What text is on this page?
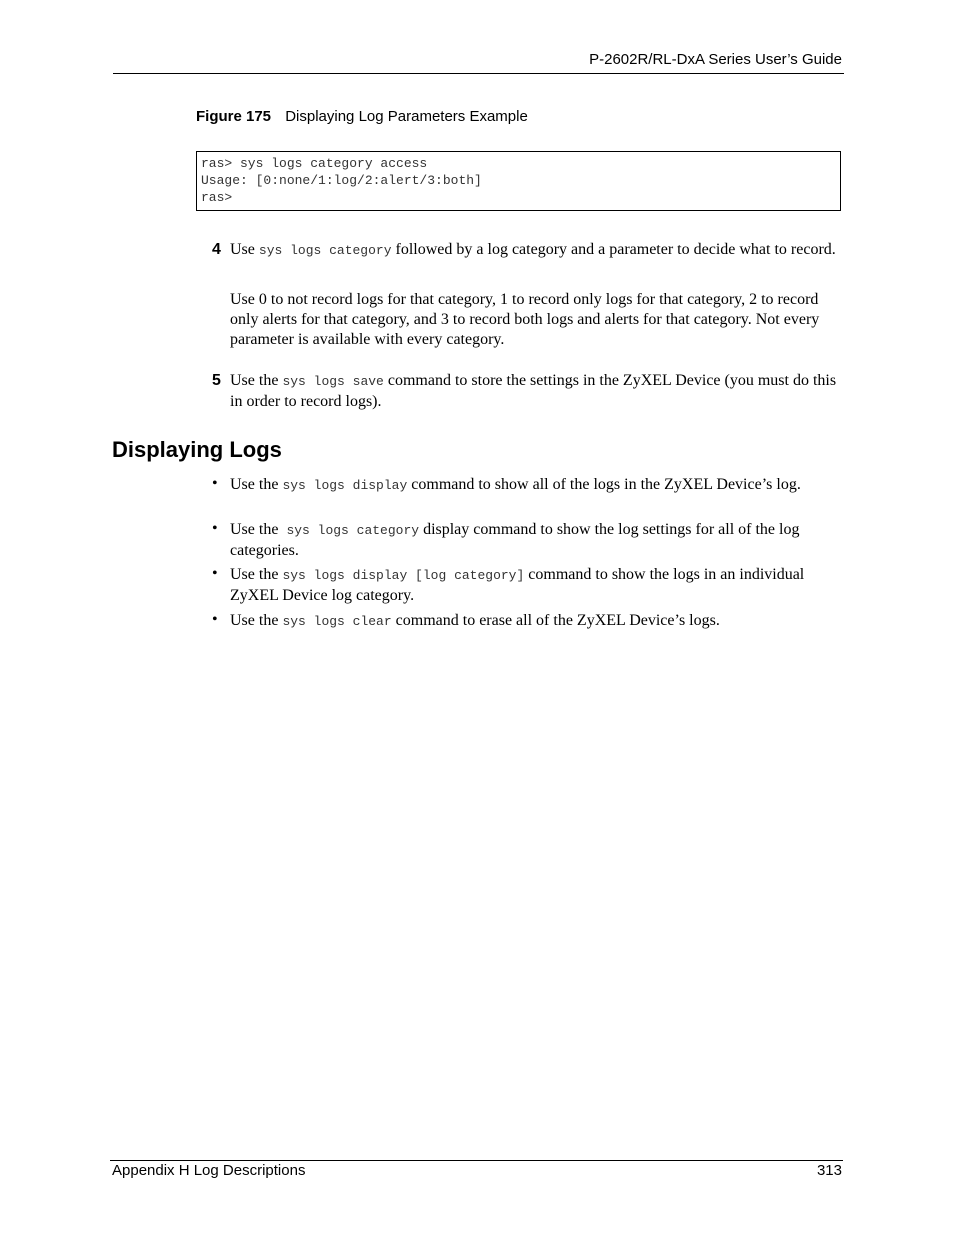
P-2602R/RL-DxA Series User’s Guide
Figure 175 Displaying Log Parameters Example
ras> sys logs category access
Usage: [0:none/1:log/2:alert/3:both]
ras>
4 Use sys logs category followed by a log category and a parameter to decide what to record.
Use 0 to not record logs for that category, 1 to record only logs for that category, 2 to record only alerts for that category, and 3 to record both logs and alerts for that category. Not every parameter is available with every category.
5 Use the sys logs save command to store the settings in the ZyXEL Device (you must do this in order to record logs).
Displaying Logs
• Use the sys logs display command to show all of the logs in the ZyXEL Device’s log.
• Use the  sys logs category display command to show the log settings for all of the log categories.
• Use the sys logs display [log category] command to show the logs in an individual ZyXEL Device log category.
• Use the sys logs clear command to erase all of the ZyXEL Device’s logs.
Appendix H Log Descriptions	313
